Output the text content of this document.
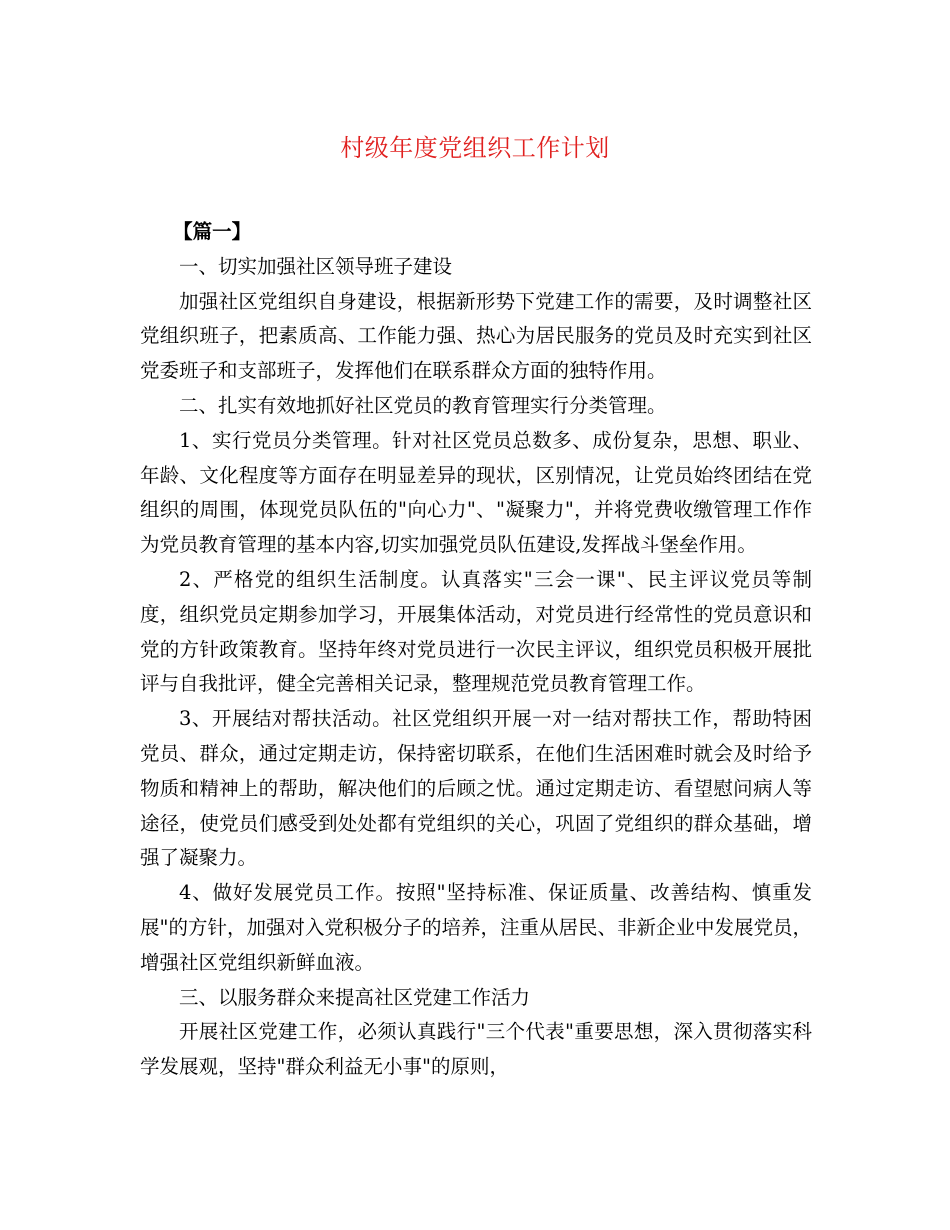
村级年度党组织工作计划

【篇一】

一、切实加强社区领导班子建设

加强社区党组织自身建设，根据新形势下党建工作的需要，及时调整社区党组织班子，把素质高、工作能力强、热心为居民服务的党员及时充实到社区党委班子和支部班子，发挥他们在联系群众方面的独特作用。

二、扎实有效地抓好社区党员的教育管理实行分类管理。

1、实行党员分类管理。针对社区党员总数多、成份复杂，思想、职业、年龄、文化程度等方面存在明显差异的现状，区别情况，让党员始终团结在党组织的周围，体现党员队伍的"向心力"、"凝聚力"，并将党费收缴管理工作作为党员教育管理的基本内容,切实加强党员队伍建设,发挥战斗堡垒作用。

2、严格党的组织生活制度。认真落实"三会一课"、民主评议党员等制度，组织党员定期参加学习，开展集体活动，对党员进行经常性的党员意识和党的方针政策教育。坚持年终对党员进行一次民主评议，组织党员积极开展批评与自我批评，健全完善相关记录，整理规范党员教育管理工作。

3、开展结对帮扶活动。社区党组织开展一对一结对帮扶工作，帮助特困党员、群众，通过定期走访，保持密切联系，在他们生活困难时就会及时给予物质和精神上的帮助，解决他们的后顾之忧。通过定期走访、看望慰问病人等途径，使党员们感受到处处都有党组织的关心，巩固了党组织的群众基础，增强了凝聚力。

4、做好发展党员工作。按照"坚持标准、保证质量、改善结构、慎重发展"的方针，加强对入党积极分子的培养，注重从居民、非新企业中发展党员，增强社区党组织新鲜血液。

三、以服务群众来提高社区党建工作活力

开展社区党建工作，必须认真践行"三个代表"重要思想，深入贯彻落实科学发展观，坚持"群众利益无小事"的原则，
